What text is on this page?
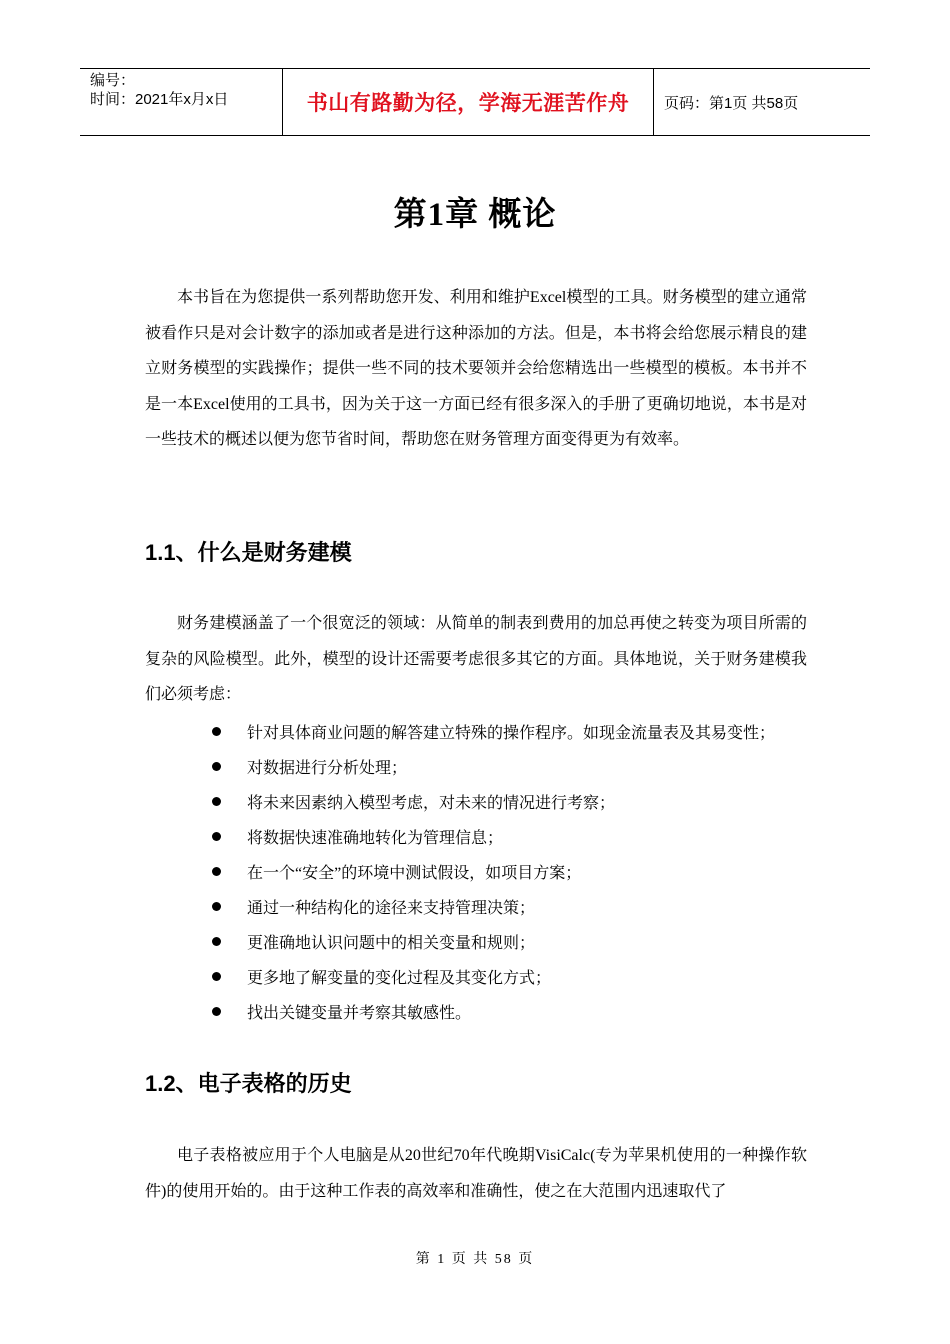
编号：
时间：2021年x月x日	书山有路勤为径，学海无涯苦作舟 页码：第1页 共58页
第1章 概论

本书旨在为您提供一系列帮助您开发、利用和维护Excel模型的工具。财务模型的建立通常被看作只是对会计数字的添加或者是进行这种添加的方法。但是，本书将会给您展示精良的建立财务模型的实践操作；提供一些不同的技术要领并会给您精选出一些模型的模板。本书并不是一本Excel使用的工具书，因为关于这一方面已经有很多深入的手册了更确切地说，本书是对一些技术的概述以便为您节省时间，帮助您在财务管理方面变得更为有效率。

1.1、什么是财务建模

财务建模涵盖了一个很宽泛的领域：从简单的制表到费用的加总再使之转变为项目所需的复杂的风险模型。此外，模型的设计还需要考虑很多其它的方面。具体地说，关于财务建模我们必须考虑：

针对具体商业问题的解答建立特殊的操作程序。如现金流量表及其易变性；
对数据进行分析处理；
将未来因素纳入模型考虑，对未来的情况进行考察；
将数据快速准确地转化为管理信息；
在一个“安全”的环境中测试假设，如项目方案；
通过一种结构化的途径来支持管理决策；
更准确地认识问题中的相关变量和规则；
更多地了解变量的变化过程及其变化方式；
找出关键变量并考察其敏感性。
1.2、电子表格的历史

电子表格被应用于个人电脑是从20世纪70年代晚期VisiCalc(专为苹果机使用的一种操作软件)的使用开始的。由于这种工作表的高效率和准确性，使之在大范围内迅速取代了

第 1 页 共 58 页
